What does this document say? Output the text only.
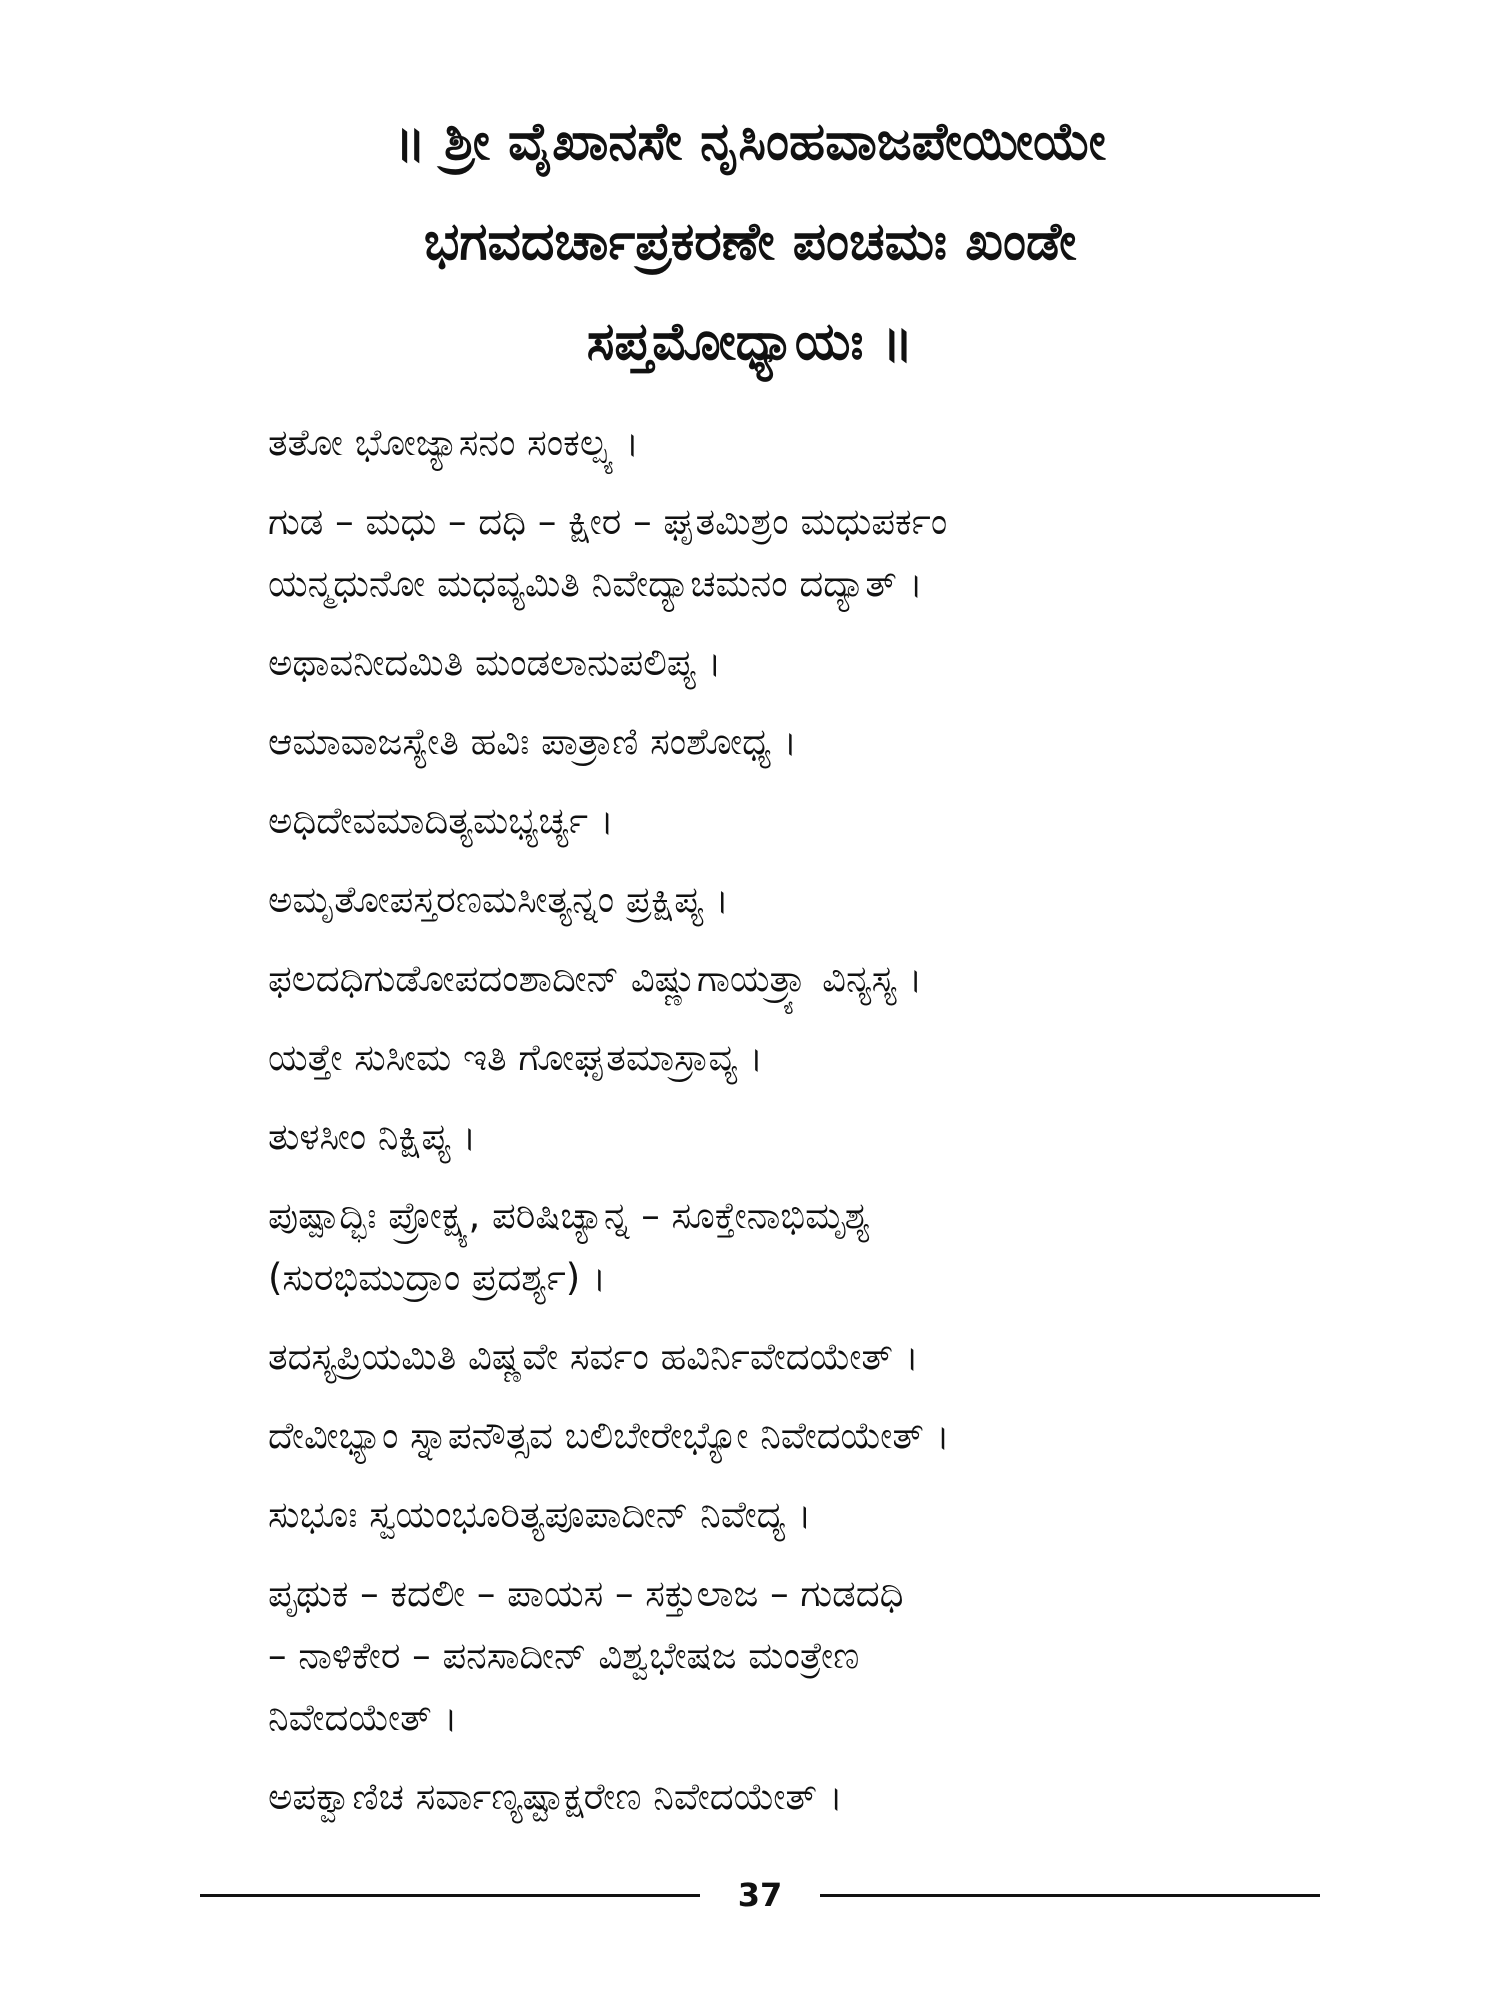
॥ ಶ್ರೀ ವೈಖಾನಸೇ ನೃಸಿಂಹವಾಜಪೇಯೀಯೇ
ಭಗವದರ್ಚಾಪ್ರಕರಣೇ ಪಂಚಮಃ ಖಂಡೇ
ಸಪ್ತಮೋಧ್ಯಾಯಃ ॥
ತತೋ ಭೋಜ್ಯಾಸನಂ ಸಂಕಲ್ಪ್ಯ ।
ಗುಡ – ಮಧು – ದಧಿ – ಕ್ಷೀರ – ಘೃತಮಿಶ್ರಂ ಮಧುಪರ್ಕಂ
ಯನ್ಮಧುನೋ ಮಧವ್ಯಮಿತಿ ನಿವೇದ್ಯಾಚಮನಂ ದದ್ಯಾತ್ ।
ಅಥಾವನೀದಮಿತಿ ಮಂಡಲಾನುಪಲಿಪ್ಯ ।
ಆಮಾವಾಜಸ್ಯೇತಿ ಹವಿಃ ಪಾತ್ರಾಣಿ ಸಂಶೋಧ್ಯ ।
ಅಧಿದೇವಮಾದಿತ್ಯಮಭ್ಯರ್ಚ್ಯ ।
ಅಮೃತೋಪಸ್ತರಣಮಸೀತ್ಯನ್ನಂ ಪ್ರಕ್ಷಿಪ್ಯ ।
ಫಲದಧಿಗುಡೋಪದಂಶಾದೀನ್ ವಿಷ್ಣುಗಾಯತ್ರ್ಯಾ ವಿನ್ಯಸ್ಯ ।
ಯತ್ತೇ ಸುಸೀಮ ಇತಿ ಗೋಘೃತಮಾಸ್ರಾವ್ಯ ।
ತುಳಸೀಂ ನಿಕ್ಷಿಪ್ಯ ।
ಪುಷ್ಪಾದ್ಭಿಃ ಪ್ರೋಕ್ಷ್ಯ, ಪರಿಷಿಚ್ಯಾನ್ನ – ಸೂಕ್ತೇನಾಭಿಮೃಶ್ಯ
(ಸುರಭಿಮುದ್ರಾಂ ಪ್ರದರ್ಶ್ಯ) ।
ತದಸ್ಯಪ್ರಿಯಮಿತಿ ವಿಷ್ಣವೇ ಸರ್ವಂ ಹವಿರ್ನಿವೇದಯೇತ್ ।
ದೇವೀಭ್ಯಾಂ ಸ್ನಾಪನೌತ್ಸವ ಬಲಿಬೇರೇಭ್ಯೋ ನಿವೇದಯೇತ್ ।
ಸುಭೂಃ ಸ್ವಯಂಭೂರಿತ್ಯಪೂಪಾದೀನ್ ನಿವೇದ್ಯ ।
ಪೃಥುಕ – ಕದಲೀ – ಪಾಯಸ – ಸಕ್ತುಲಾಜ – ಗುಡದಧಿ
– ನಾಳಿಕೇರ – ಪನಸಾದೀನ್ ವಿಶ್ವಭೇಷಜ ಮಂತ್ರೇಣ
ನಿವೇದಯೇತ್ ।
ಅಪಕ್ವಾಣಿಚ ಸರ್ವಾಣ್ಯಷ್ಟಾಕ್ಷರೇಣ ನಿವೇದಯೇತ್ ।
37
